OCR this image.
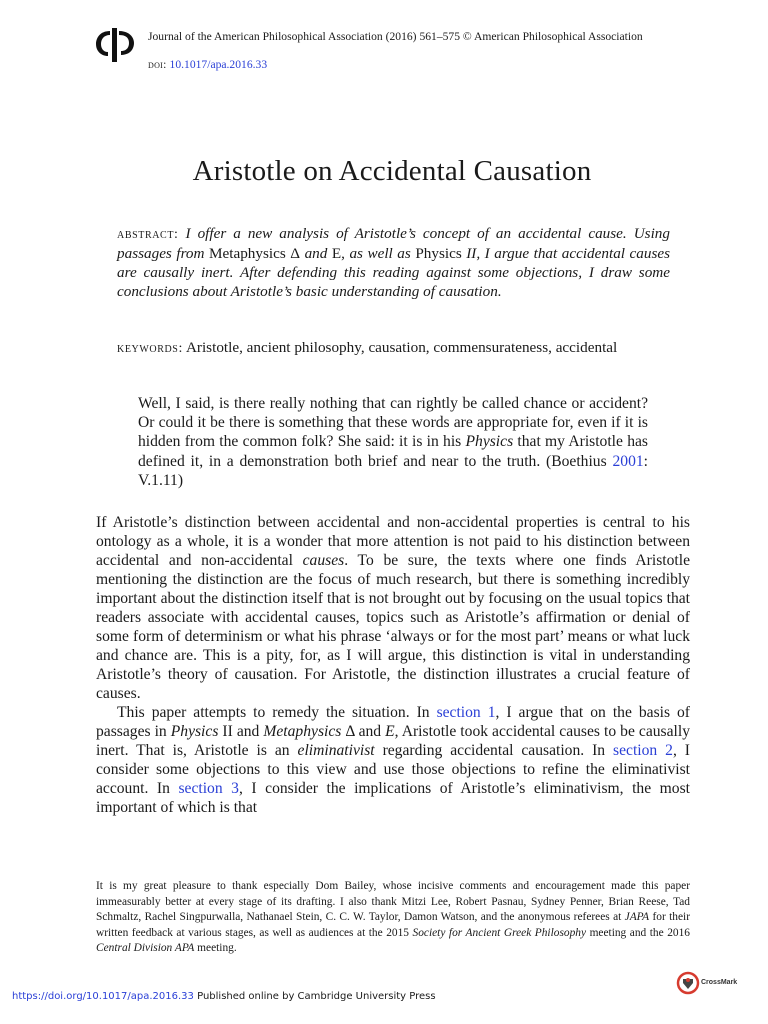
Journal of the American Philosophical Association (2016) 561–575 © American Philosophical Association
doi: 10.1017/apa.2016.33
Aristotle on Accidental Causation
abstract: I offer a new analysis of Aristotle’s concept of an accidental cause. Using passages from Metaphysics Δ and E, as well as Physics II, I argue that accidental causes are causally inert. After defending this reading against some objections, I draw some conclusions about Aristotle’s basic understanding of causation.
keywords: Aristotle, ancient philosophy, causation, commensurateness, accidental

Well, I said, is there really nothing that can rightly be called chance or accident? Or could it be there is something that these words are appropriate for, even if it is hidden from the common folk? She said: it is in his Physics that my Aristotle has defined it, in a demonstration both brief and near to the truth. (Boethius 2001: V.1.11)

If Aristotle’s distinction between accidental and non-accidental properties is central to his ontology as a whole, it is a wonder that more attention is not paid to his distinction between accidental and non-accidental causes. To be sure, the texts where one finds Aristotle mentioning the distinction are the focus of much research, but there is something incredibly important about the distinction itself that is not brought out by focusing on the usual topics that readers associate with accidental causes, topics such as Aristotle’s affirmation or denial of some form of determinism or what his phrase ‘always or for the most part’ means or what luck and chance are. This is a pity, for, as I will argue, this distinction is vital in understanding Aristotle’s theory of causation. For Aristotle, the distinction illustrates a crucial feature of causes.

This paper attempts to remedy the situation. In section 1, I argue that on the basis of passages in Physics II and Metaphysics Δ and E, Aristotle took accidental causes to be causally inert. That is, Aristotle is an eliminativist regarding accidental causation. In section 2, I consider some objections to this view and use those objections to refine the eliminativist account. In section 3, I consider the implications of Aristotle’s eliminativism, the most important of which is that

It is my great pleasure to thank especially Dom Bailey, whose incisive comments and encouragement made this paper immeasurably better at every stage of its drafting. I also thank Mitzi Lee, Robert Pasnau, Sydney Penner, Brian Reese, Tad Schmaltz, Rachel Singpurwalla, Nathanael Stein, C. C. W. Taylor, Damon Watson, and the anonymous referees at JAPA for their written feedback at various stages, as well as audiences at the 2015 Society for Ancient Greek Philosophy meeting and the 2016 Central Division APA meeting.
https://doi.org/10.1017/apa.2016.33 Published online by Cambridge University Press
CrossMark
